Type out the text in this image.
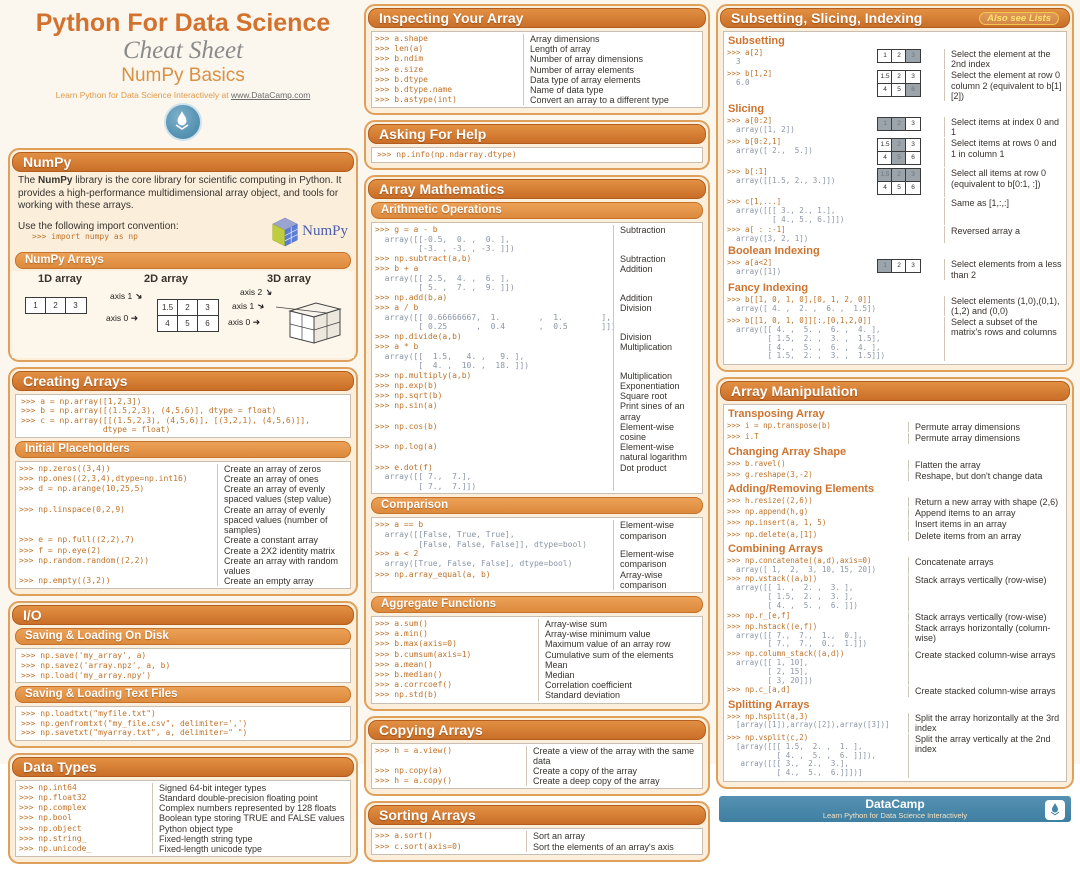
Python For Data Science Cheat Sheet
NumPy Basics
Learn Python for Data Science Interactively at www.DataCamp.com
NumPy
The NumPy library is the core library for scientific computing in Python. It provides a high-performance multidimensional array object, and tools for working with these arrays.
Use the following import convention:
>>> import numpy as np	NumPy
NumPy Arrays
1D array
1	2	3
2D array
axis 1 ➜
axis 0 ➜
1.5	2	3
4	5	6
3D array
axis 2 ➜
axis 1 ➜
axis 0 ➜
Creating Arrays
>>> a = np.array([1,2,3])
>>> b = np.array([(1.5,2,3), (4,5,6)], dtype = float)
>>> c = np.array([[(1.5,2,3), (4,5,6)], [(3,2,1), (4,5,6)]],
dtype = float)
Initial Placeholders
>>> np.zeros((3,4))	Create an array of zeros
>>> np.ones((2,3,4),dtype=np.int16)	Create an array of ones
>>> d = np.arange(10,25,5)	Create an array of evenly spaced values (step value)
>>> np.linspace(0,2,9)	Create an array of evenly spaced values (number of samples)
>>> e = np.full((2,2),7)	Create a constant array
>>> f = np.eye(2)	Create a 2X2 identity matrix
>>> np.random.random((2,2))	Create an array with random values
>>> np.empty((3,2))	Create an empty array
I/O
Saving & Loading On Disk
>>> np.save('my_array', a)
>>> np.savez('array.npz', a, b)
>>> np.load('my_array.npy')
Saving & Loading Text Files
>>> np.loadtxt("myfile.txt")
>>> np.genfromtxt("my_file.csv", delimiter=',')
>>> np.savetxt("myarray.txt", a, delimiter=" ")
Data Types
>>> np.int64	Signed 64-bit integer types
>>> np.float32	Standard double-precision floating point
>>> np.complex	Complex numbers represented by 128 floats
>>> np.bool	Boolean type storing TRUE and FALSE values
>>> np.object	Python object type
>>> np.string_	Fixed-length string type
>>> np.unicode_	Fixed-length unicode type
Inspecting Your Array
>>> a.shape	Array dimensions
>>> len(a)	Length of array
>>> b.ndim	Number of array dimensions
>>> e.size	Number of array elements
>>> b.dtype	Data type of array elements
>>> b.dtype.name	Name of data type
>>> b.astype(int)	Convert an array to a different type
Asking For Help
>>> np.info(np.ndarray.dtype)
Array Mathematics
Arithmetic Operations
>>> g = a - b
array([[-0.5,  0. ,  0. ],
[-3. , -3. , -3. ]])
Subtraction
>>> np.subtract(a,b)	Subtraction
>>> b + a
array([[ 2.5,  4. ,  6. ],
[ 5. ,  7. ,  9. ]])
Addition
>>> np.add(b,a)	Addition
>>> a / b
array([[ 0.66666667,  1.        ,  1.        ],
[ 0.25      ,  0.4       ,  0.5       ]])
Division
>>> np.divide(a,b)	Division
>>> a * b
array([[  1.5,   4. ,   9. ],
[  4. ,  10. ,  18. ]])
Multiplication
>>> np.multiply(a,b)	Multiplication
>>> np.exp(b)	Exponentiation
>>> np.sqrt(b)	Square root
>>> np.sin(a)	Print sines of an array
>>> np.cos(b)	Element-wise cosine
>>> np.log(a)	Element-wise natural logarithm
>>> e.dot(f)
array([[ 7.,  7.],
[ 7.,  7.]])
Dot product
Comparison
>>> a == b
array([[False, True, True],
[False, False, False]], dtype=bool)
Element-wise comparison
>>> a < 2
array([True, False, False], dtype=bool)
Element-wise comparison
>>> np.array_equal(a, b)	Array-wise comparison
Aggregate Functions
>>> a.sum()	Array-wise sum
>>> a.min()	Array-wise minimum value
>>> b.max(axis=0)	Maximum value of an array row
>>> b.cumsum(axis=1)	Cumulative sum of the elements
>>> a.mean()	Mean
>>> b.median()	Median
>>> a.corrcoef()	Correlation coefficient
>>> np.std(b)	Standard deviation
Copying Arrays
>>> h = a.view()	Create a view of the array with the same data
>>> np.copy(a)	Create a copy of the array
>>> h = a.copy()	Create a deep copy of the array
Sorting Arrays
>>> a.sort()	Sort an array
>>> c.sort(axis=0)	Sort the elements of an array's axis
Subsetting, Slicing, Indexing	Also see Lists
Subsetting
>>> a[2]
3
1	2	3	Select the element at the 2nd index
>>> b[1,2]
6.0
1.5	2	3
4	5	6
Select the element at row 0 column 2 (equivalent to b[1][2])
Slicing
>>> a[0:2]
array([1, 2])
1	2	3	Select items at index 0 and 1
>>> b[0:2,1]
array([ 2.,  5.])
1.5	2	3
4	5	6
Select items at rows 0 and 1 in column 1
>>> b[:1]
array([[1.5, 2., 3.]])
1.5	2	3
4	5	6
Select all items at row 0 (equivalent to b[0:1, :])
>>> c[1,...]
array([[[ 3., 2., 1.],
[ 4., 5., 6.]]])
Same as [1,:,:]
>>> a[ : :-1]
array([3, 2, 1])
Reversed array a
Boolean Indexing
>>> a[a<2]
array([1])
1	2	3	Select elements from a less than 2
Fancy Indexing
>>> b[[1, 0, 1, 0],[0, 1, 2, 0]]
array([ 4. ,  2. ,  6. ,  1.5])
Select elements (1,0),(0,1),(1,2) and (0,0)
>>> b[[1, 0, 1, 0]][:,[0,1,2,0]]
array([[ 4. ,  5. ,  6. ,  4. ],
[ 1.5,  2. ,  3. ,  1.5],
[ 4. ,  5. ,  6. ,  4. ],
[ 1.5,  2. ,  3. ,  1.5]])
Select a subset of the matrix's rows and columns
Array Manipulation
Transposing Array
>>> i = np.transpose(b)	Permute array dimensions
>>> i.T	Permute array dimensions
Changing Array Shape
>>> b.ravel()	Flatten the array
>>> g.reshape(3,-2)	Reshape, but don't change data
Adding/Removing Elements
>>> h.resize((2,6))	Return a new array with shape (2,6)
>>> np.append(h,g)	Append items to an array
>>> np.insert(a, 1, 5)	Insert items in an array
>>> np.delete(a,[1])	Delete items from an array
Combining Arrays
>>> np.concatenate((a,d),axis=0)
array([ 1,  2,  3, 10, 15, 20])
Concatenate arrays
>>> np.vstack((a,b))
array([[ 1. ,  2. ,  3. ],
[ 1.5,  2. ,  3. ],
[ 4. ,  5. ,  6. ]])
Stack arrays vertically (row-wise)
>>> np.r_[e,f]	Stack arrays vertically (row-wise)
>>> np.hstack((e,f))
array([[ 7.,  7.,  1.,  0.],
[ 7.,  7.,  0.,  1.]])
Stack arrays horizontally (column-wise)
>>> np.column_stack((a,d))
array([[ 1, 10],
[ 2, 15],
[ 3, 20]])
Create stacked column-wise arrays
>>> np.c_[a,d]	Create stacked column-wise arrays
Splitting Arrays
>>> np.hsplit(a,3)
[array([1]),array([2]),array([3])]
Split the array horizontally at the 3rd index
>>> np.vsplit(c,2)
[array([[[ 1.5,  2. ,  1. ],
[ 4. ,  5. ,  6. ]]]),
array([[[ 3.,  2.,  3.],
[ 4.,  5.,  6.]]])]
Split the array vertically at the 2nd index
DataCamp
Learn Python for Data Science Interactively
